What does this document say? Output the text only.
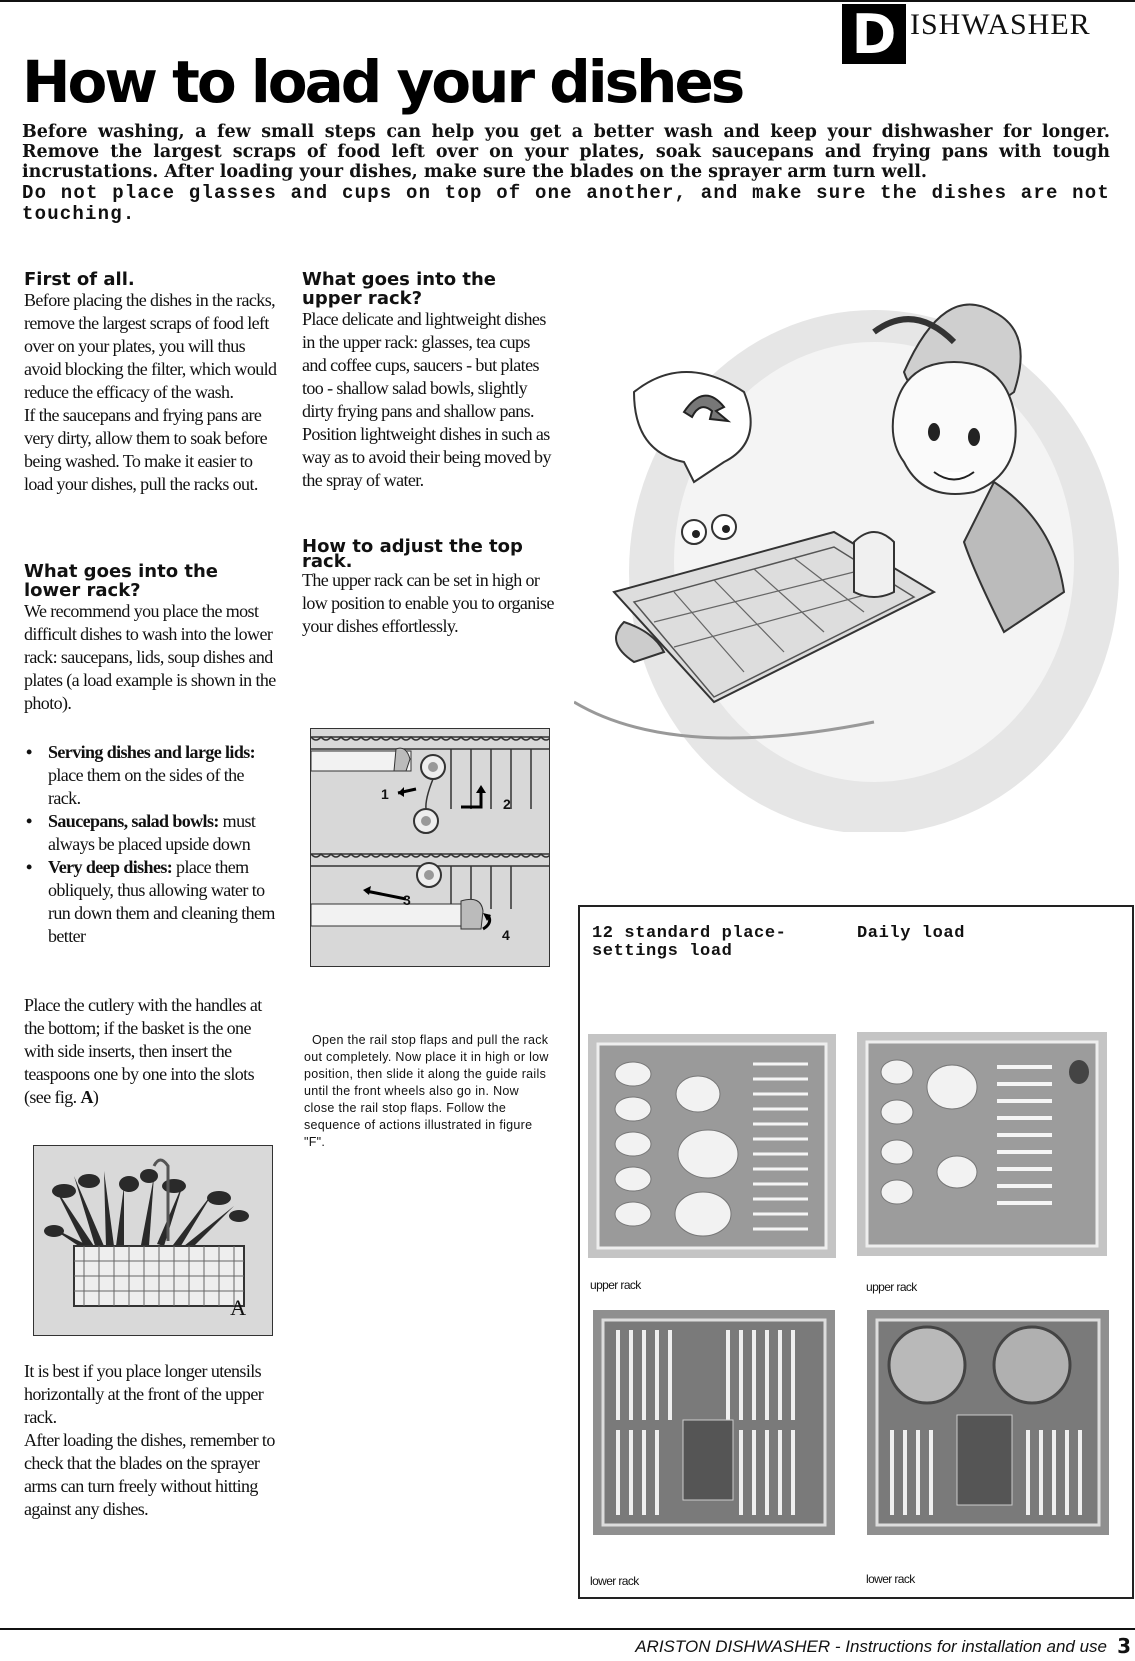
D ISHWASHER
How to load your dishes
Before washing, a few small steps can help you get a better wash and keep your dishwasher for longer.
Remove the largest scraps of food left over on your plates, soak saucepans and frying pans with tough
incrustations. After loading your dishes, make sure the blades on the sprayer arm turn well.
Do not place glasses and cups on top of one another, and make sure the dishes are not touching.
First of all.

Before placing the dishes in the racks, remove the largest scraps of food left over on your plates, you will thus avoid blocking the filter, which would reduce the efficacy of the wash.

If the saucepans and frying pans are very dirty, allow them to soak before being washed. To make it easier to load your dishes, pull the racks out.

What goes into the lower rack?

We recommend you place the most difficult dishes to wash into the lower rack: saucepans, lids, soup dishes and plates (a load example is shown in the photo).

• Serving dishes and large lids: place them on the sides of the rack.
• Saucepans, salad bowls: must always be placed upside down
• Very deep dishes: place them obliquely, thus allowing water to run down them and cleaning them better

Place the cutlery with the handles at the bottom; if the basket is the one with side inserts, then insert the teaspoons one by one into the slots (see fig. A)

A

It is best if you place longer utensils horizontally at the front of the upper rack.

After loading the dishes, remember to check that the blades on the sprayer arms can turn freely without hitting against any dishes.

What goes into the upper rack?

Place delicate and lightweight dishes in the upper rack: glasses, tea cups and coffee cups, saucers - but plates too - shallow salad bowls, slightly dirty frying pans and shallow pans.

Position lightweight dishes in such as way as to avoid their being moved by the spray of water.

How to adjust the top rack.

The upper rack can be set in high or low position to enable you to organise your dishes effortlessly.

1
2
3
4
Open the rail stop flaps and pull the rack out completely. Now place it in high or low position, then slide it along the guide rails until the front wheels also go in. Now close the rail stop flaps. Follow the sequence of actions illustrated in figure "F".
12 standard place-settings load
Daily load
upper rack	upper rack
lower rack	lower rack
ARISTON DISHWASHER - Instructions for installation and use 3
